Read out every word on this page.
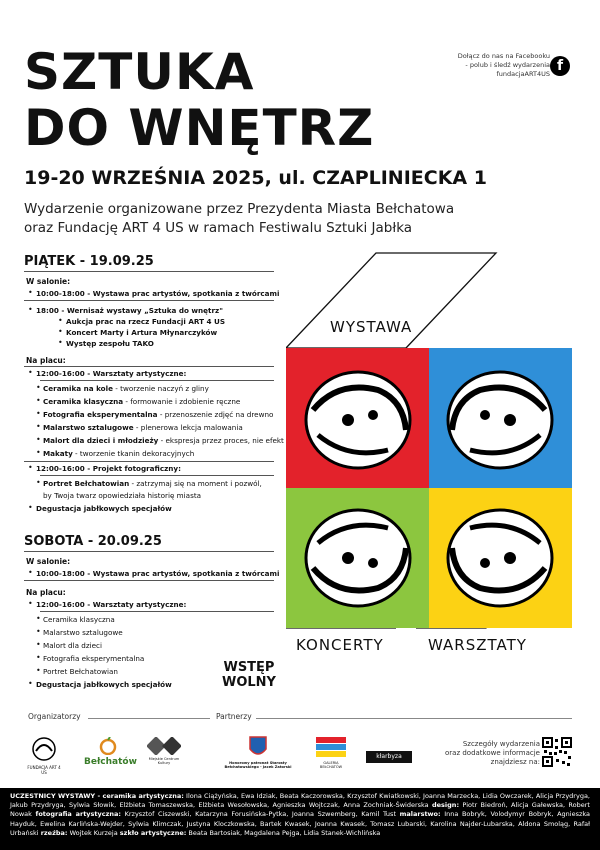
SZTUKA
DO WNĘTRZ
19-20 WRZEŚNIA 2025, ul. CZAPLINIECKA 1
Wydarzenie organizowane przez Prezydenta Miasta Bełchatowa
oraz Fundację ART 4 US w ramach Festiwalu Sztuki Jabłka
Dołącz do nas na Facebooku
- polub i śledź wydarzenia
fundacjaART4US f
PIĄTEK - 19.09.25
W salonie:
• 10:00-18:00 - Wystawa prac artystów, spotkania z twórcami
• 18:00 - Wernisaż wystawy „Sztuka do wnętrz"
• Aukcja prac na rzecz Fundacji ART 4 US
• Koncert Marty i Artura Młynarczyków
• Występ zespołu TAKO
Na placu:
• 12:00-16:00 - Warsztaty artystyczne:
• Ceramika na kole - tworzenie naczyń z gliny
• Ceramika klasyczna - formowanie i zdobienie ręczne
• Fotografia eksperymentalna - przenoszenie zdjęć na drewno
• Malarstwo sztalugowe - plenerowa lekcja malowania
• Malort dla dzieci i młodzieży - ekspresja przez proces, nie efekt
• Makaty - tworzenie tkanin dekoracyjnych
• 12:00-16:00 - Projekt fotograficzny:
• Portret Bełchatowian - zatrzymaj się na moment i pozwól,
by Twoja twarz opowiedziała historię miasta
• Degustacja jabłkowych specjałów
SOBOTA - 20.09.25
W salonie:
• 10:00-18:00 - Wystawa prac artystów, spotkania z twórcami
Na placu:
• 12:00-16:00 - Warsztaty artystyczne:
• Ceramika klasyczna
• Malarstwo sztalugowe
• Malort dla dzieci
• Fotografia eksperymentalna
• Portret Bełchatowian
• Degustacja jabłkowych specjałów
WYSTAWA
KONCERTY	WARSZTATY
WSTĘP
WOLNY
Organizatorzy	Partnerzy
FUNDACJA ART 4 US
Bełchatów	Miejskie Centrum Kultury	Honorowy patronat Starosty Bełchatowskiego - Jacek Zatorski
GALERIA BEŁCHATÓW
kłarbyza
Szczegóły wydarzenia
oraz dodatkowe informacje
znajdziesz na:
UCZESTNICY WYSTAWY - ceramika artystyczna: Ilona Ciążyńska, Ewa Idziak, Beata Kaczorowska, Krzysztof Kwiatkowski, Joanna Marzecka, Lidia Owczarek, Alicja Przydryga, Jakub Przydryga, Sylwia Słowik, Elżbieta Tomaszewska, Elżbieta Wesołowska, Agnieszka Wojtczak, Anna Zochniak-Świderska design: Piotr Biedroń, Alicja Gałewska, Robert Nowak fotografia artystyczna: Krzysztof Ciszewski, Katarzyna Forusińska-Pytka, Joanna Szwemberg, Kamil Tust malarstwo: Inna Bobryk, Volodymyr Bobryk, Agnieszka Hayduk, Ewelina Karlińska-Wejder, Sylwia Klimczak, Justyna Kloczkowska, Bartek Kwasek, Joanna Kwasek, Tomasz Lubarski, Karolina Najder-Lubarska, Aldona Smoląg, Rafał Urbański rzeźba: Wojtek Kurzeja szkło artystyczne: Beata Bartosiak, Magdalena Pejga, Lidia Stanek-Wichlińska
